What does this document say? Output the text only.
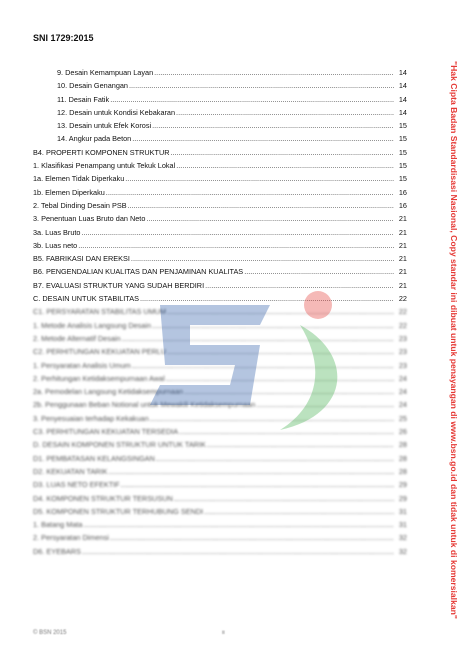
SNI 1729:2015
9. Desain Kemampuan Layan .....	14
10. Desain Genangan .....	14
11. Desain Fatik .....	14
12. Desain untuk Kondisi Kebakaran .....	14
13. Desain untuk Efek Korosi .....	15
14. Angkur pada Beton .....	15
B4. PROPERTI KOMPONEN STRUKTUR .....	15
1. Klasifikasi Penampang untuk Tekuk Lokal .....	15
1a. Elemen Tidak Diperkaku .....	15
1b. Elemen Diperkaku .....	16
2. Tebal Dinding Desain PSB .....	16
3. Penentuan Luas Bruto dan Neto .....	21
3a. Luas Bruto .....	21
3b. Luas neto .....	21
B5. FABRIKASI DAN EREKSI .....	21
B6. PENGENDALIAN KUALITAS DAN PENJAMINAN KUALITAS .....	21
B7. EVALUASI STRUKTUR YANG SUDAH BERDIRI .....	21
C. DESAIN UNTUK STABILITAS .....	22
C1. PERSYARATAN STABILITAS UMUM .....	22
1. Metode Analisis Langsung Desain .....	22
2. Metode Alternatif Desain .....	23
C2. PERHITUNGAN KEKUATAN PERLU .....	23
1. Persyaratan Analisis Umum .....	23
2. Perhitungan Ketidaksempurnaan Awal .....	24
2a. Pemodelan Langsung Ketidaksempurnaan .....	24
2b. Penggunaan Beban Notional untuk Mewakili Ketidaksempurnaan .....	24
3. Penyesuaian terhadap Kekakuan .....	25
C3. PERHITUNGAN KEKUATAN TERSEDIA .....	26
D. DESAIN KOMPONEN STRUKTUR UNTUK TARIK .....	28
D1. PEMBATASAN KELANGSINGAN .....	28
D2. KEKUATAN TARIK .....	28
D3. LUAS NETO EFEKTIF .....	29
D4. KOMPONEN STRUKTUR TERSUSUN .....	29
D5. KOMPONEN STRUKTUR TERHUBUNG SENDI .....	31
1. Batang Mata .....	31
2. Persyaratan Dimensi .....	32
D6. EYEBARS .....	32	"Hak Cipta Badan Standardisasi Nasional, Copy standar ini dibuat untuk penayangan di www.bsn.go.id dan tidak untuk di komersialkan"
© BSN 2015	ii
